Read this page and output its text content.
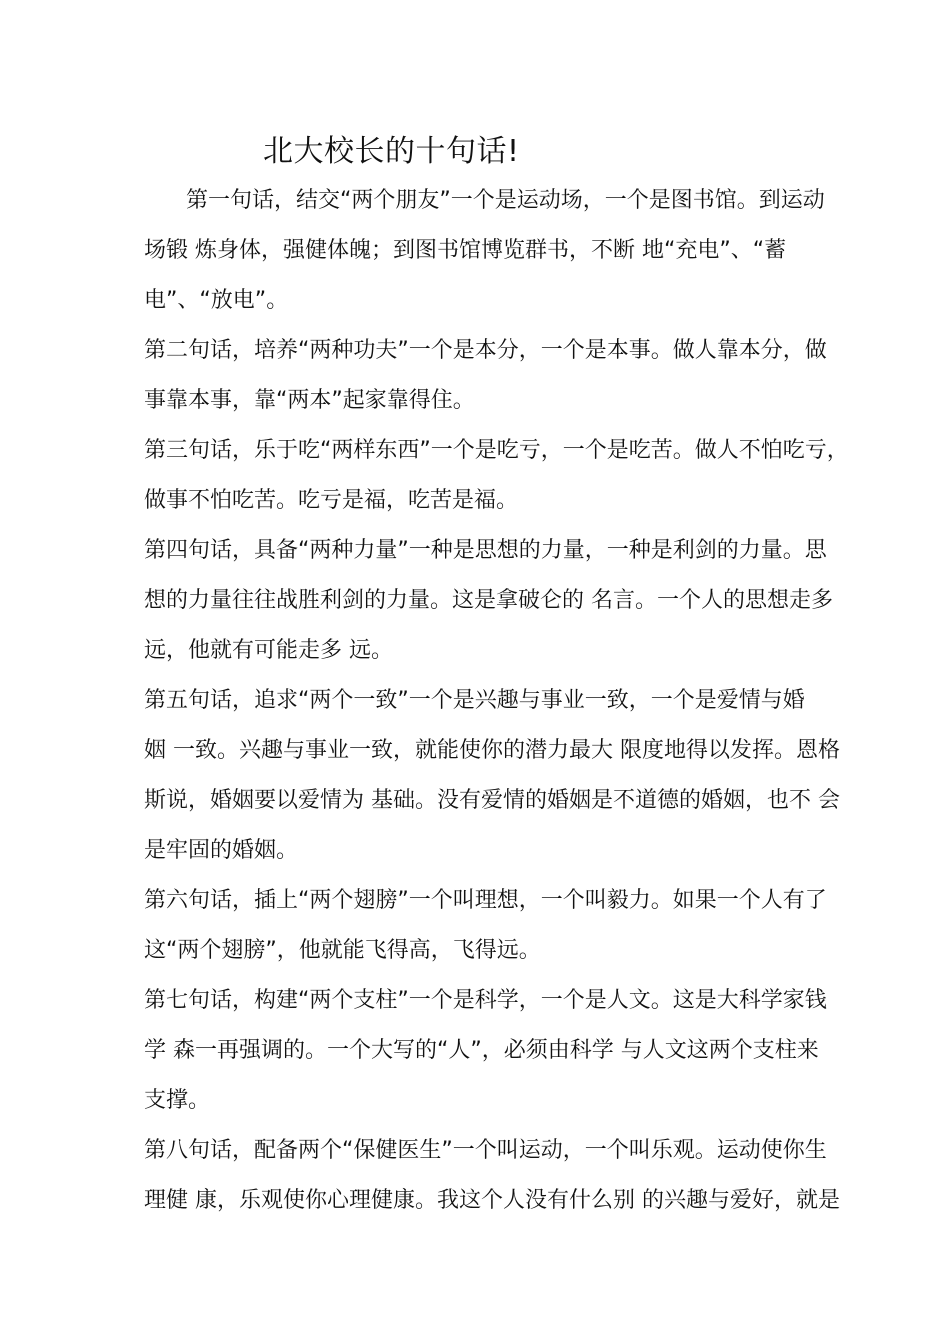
北大校长的十句话!
第一句话，结交“两个朋友”一个是运动场，一个是图书馆。到运动
场锻 炼身体，强健体魄；到图书馆博览群书，不断 地“充电”、“蓄
电”、“放电”。
第二句话，培养“两种功夫”一个是本分，一个是本事。做人靠本分，做
事靠本事，靠“两本”起家靠得住。
第三句话，乐于吃“两样东西”一个是吃亏，一个是吃苦。做人不怕吃亏，
做事不怕吃苦。吃亏是福，吃苦是福。
第四句话，具备“两种力量”一种是思想的力量，一种是利剑的力量。思
想的力量往往战胜利剑的力量。这是拿破仑的 名言。一个人的思想走多
远，他就有可能走多 远。
第五句话，追求“两个一致”一个是兴趣与事业一致，一个是爱情与婚
姻 一致。兴趣与事业一致，就能使你的潜力最大 限度地得以发挥。恩格
斯说，婚姻要以爱情为 基础。没有爱情的婚姻是不道德的婚姻，也不 会
是牢固的婚姻。
第六句话，插上“两个翅膀”一个叫理想，一个叫毅力。如果一个人有了
这“两个翅膀”，他就能飞得高，飞得远。
第七句话，构建“两个支柱”一个是科学，一个是人文。这是大科学家钱
学 森一再强调的。一个大写的“人”，必须由科学 与人文这两个支柱来
支撑。
第八句话，配备两个“保健医生”一个叫运动，一个叫乐观。运动使你生
理健 康，乐观使你心理健康。我这个人没有什么别 的兴趣与爱好，就是
